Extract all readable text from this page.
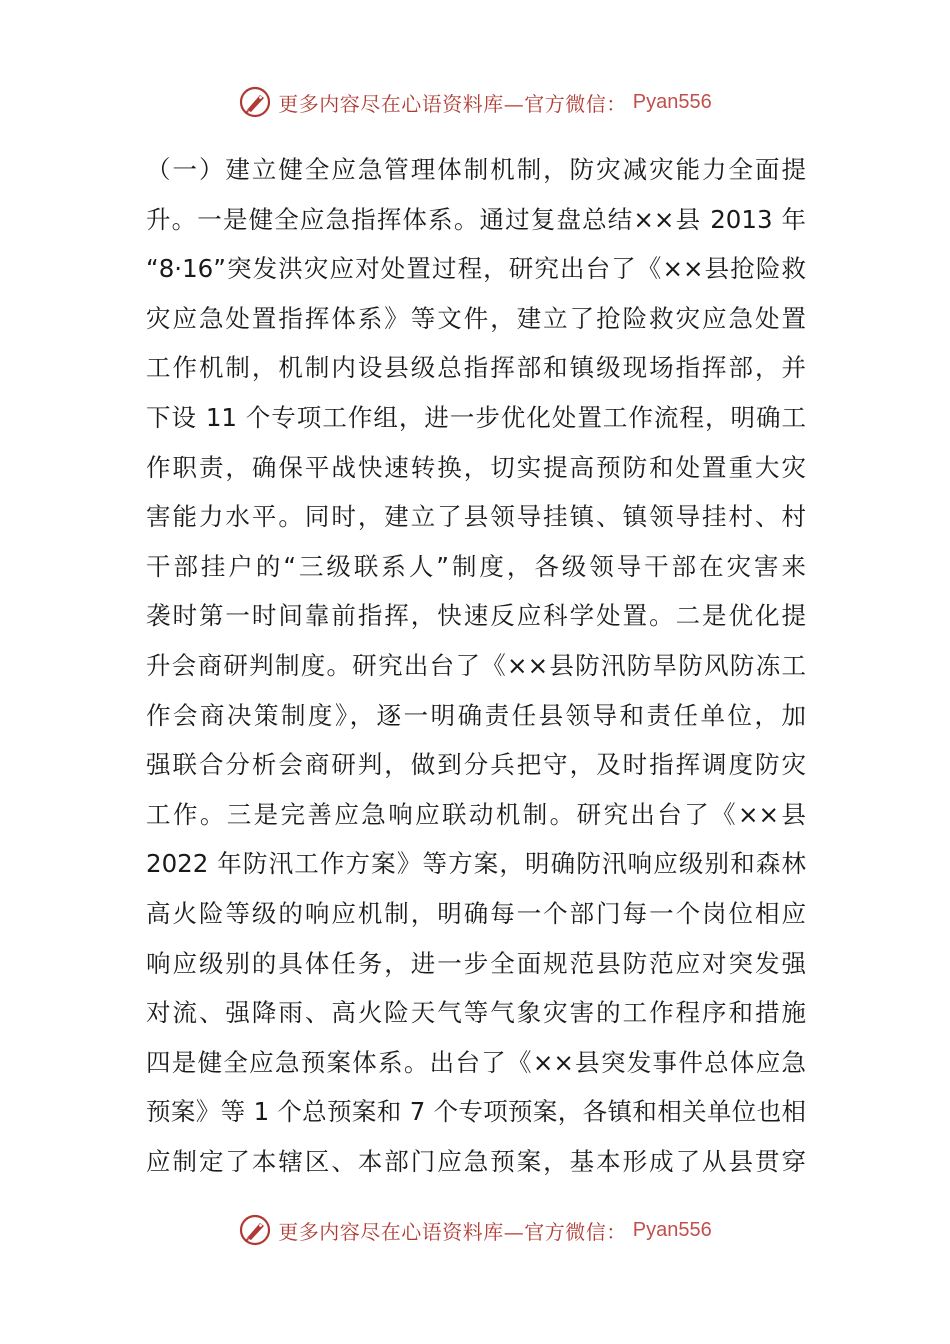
更多内容尽在心语资料库—官方微信： Pyan556
（一）建立健全应急管理体制机制，防灾减灾能力全面提
升。一是健全应急指挥体系。通过复盘总结××县 2013 年
“8·16”突发洪灾应对处置过程，研究出台了《××县抢险救
灾应急处置指挥体系》等文件，建立了抢险救灾应急处置
工作机制，机制内设县级总指挥部和镇级现场指挥部，并
下设 11 个专项工作组，进一步优化处置工作流程，明确工
作职责，确保平战快速转换，切实提高预防和处置重大灾
害能力水平。同时，建立了县领导挂镇、镇领导挂村、村
干部挂户的“三级联系人”制度，各级领导干部在灾害来
袭时第一时间靠前指挥，快速反应科学处置。二是优化提
升会商研判制度。研究出台了《××县防汛防旱防风防冻工
作会商决策制度》，逐一明确责任县领导和责任单位，加
强联合分析会商研判，做到分兵把守，及时指挥调度防灾
工作。三是完善应急响应联动机制。研究出台了《××县
2022 年防汛工作方案》等方案，明确防汛响应级别和森林
高火险等级的响应机制，明确每一个部门每一个岗位相应
响应级别的具体任务，进一步全面规范县防范应对突发强
对流、强降雨、高火险天气等气象灾害的工作程序和措施
四是健全应急预案体系。出台了《××县突发事件总体应急
预案》等 1 个总预案和 7 个专项预案，各镇和相关单位也相
应制定了本辖区、本部门应急预案，基本形成了从县贯穿
更多内容尽在心语资料库—官方微信： Pyan556
